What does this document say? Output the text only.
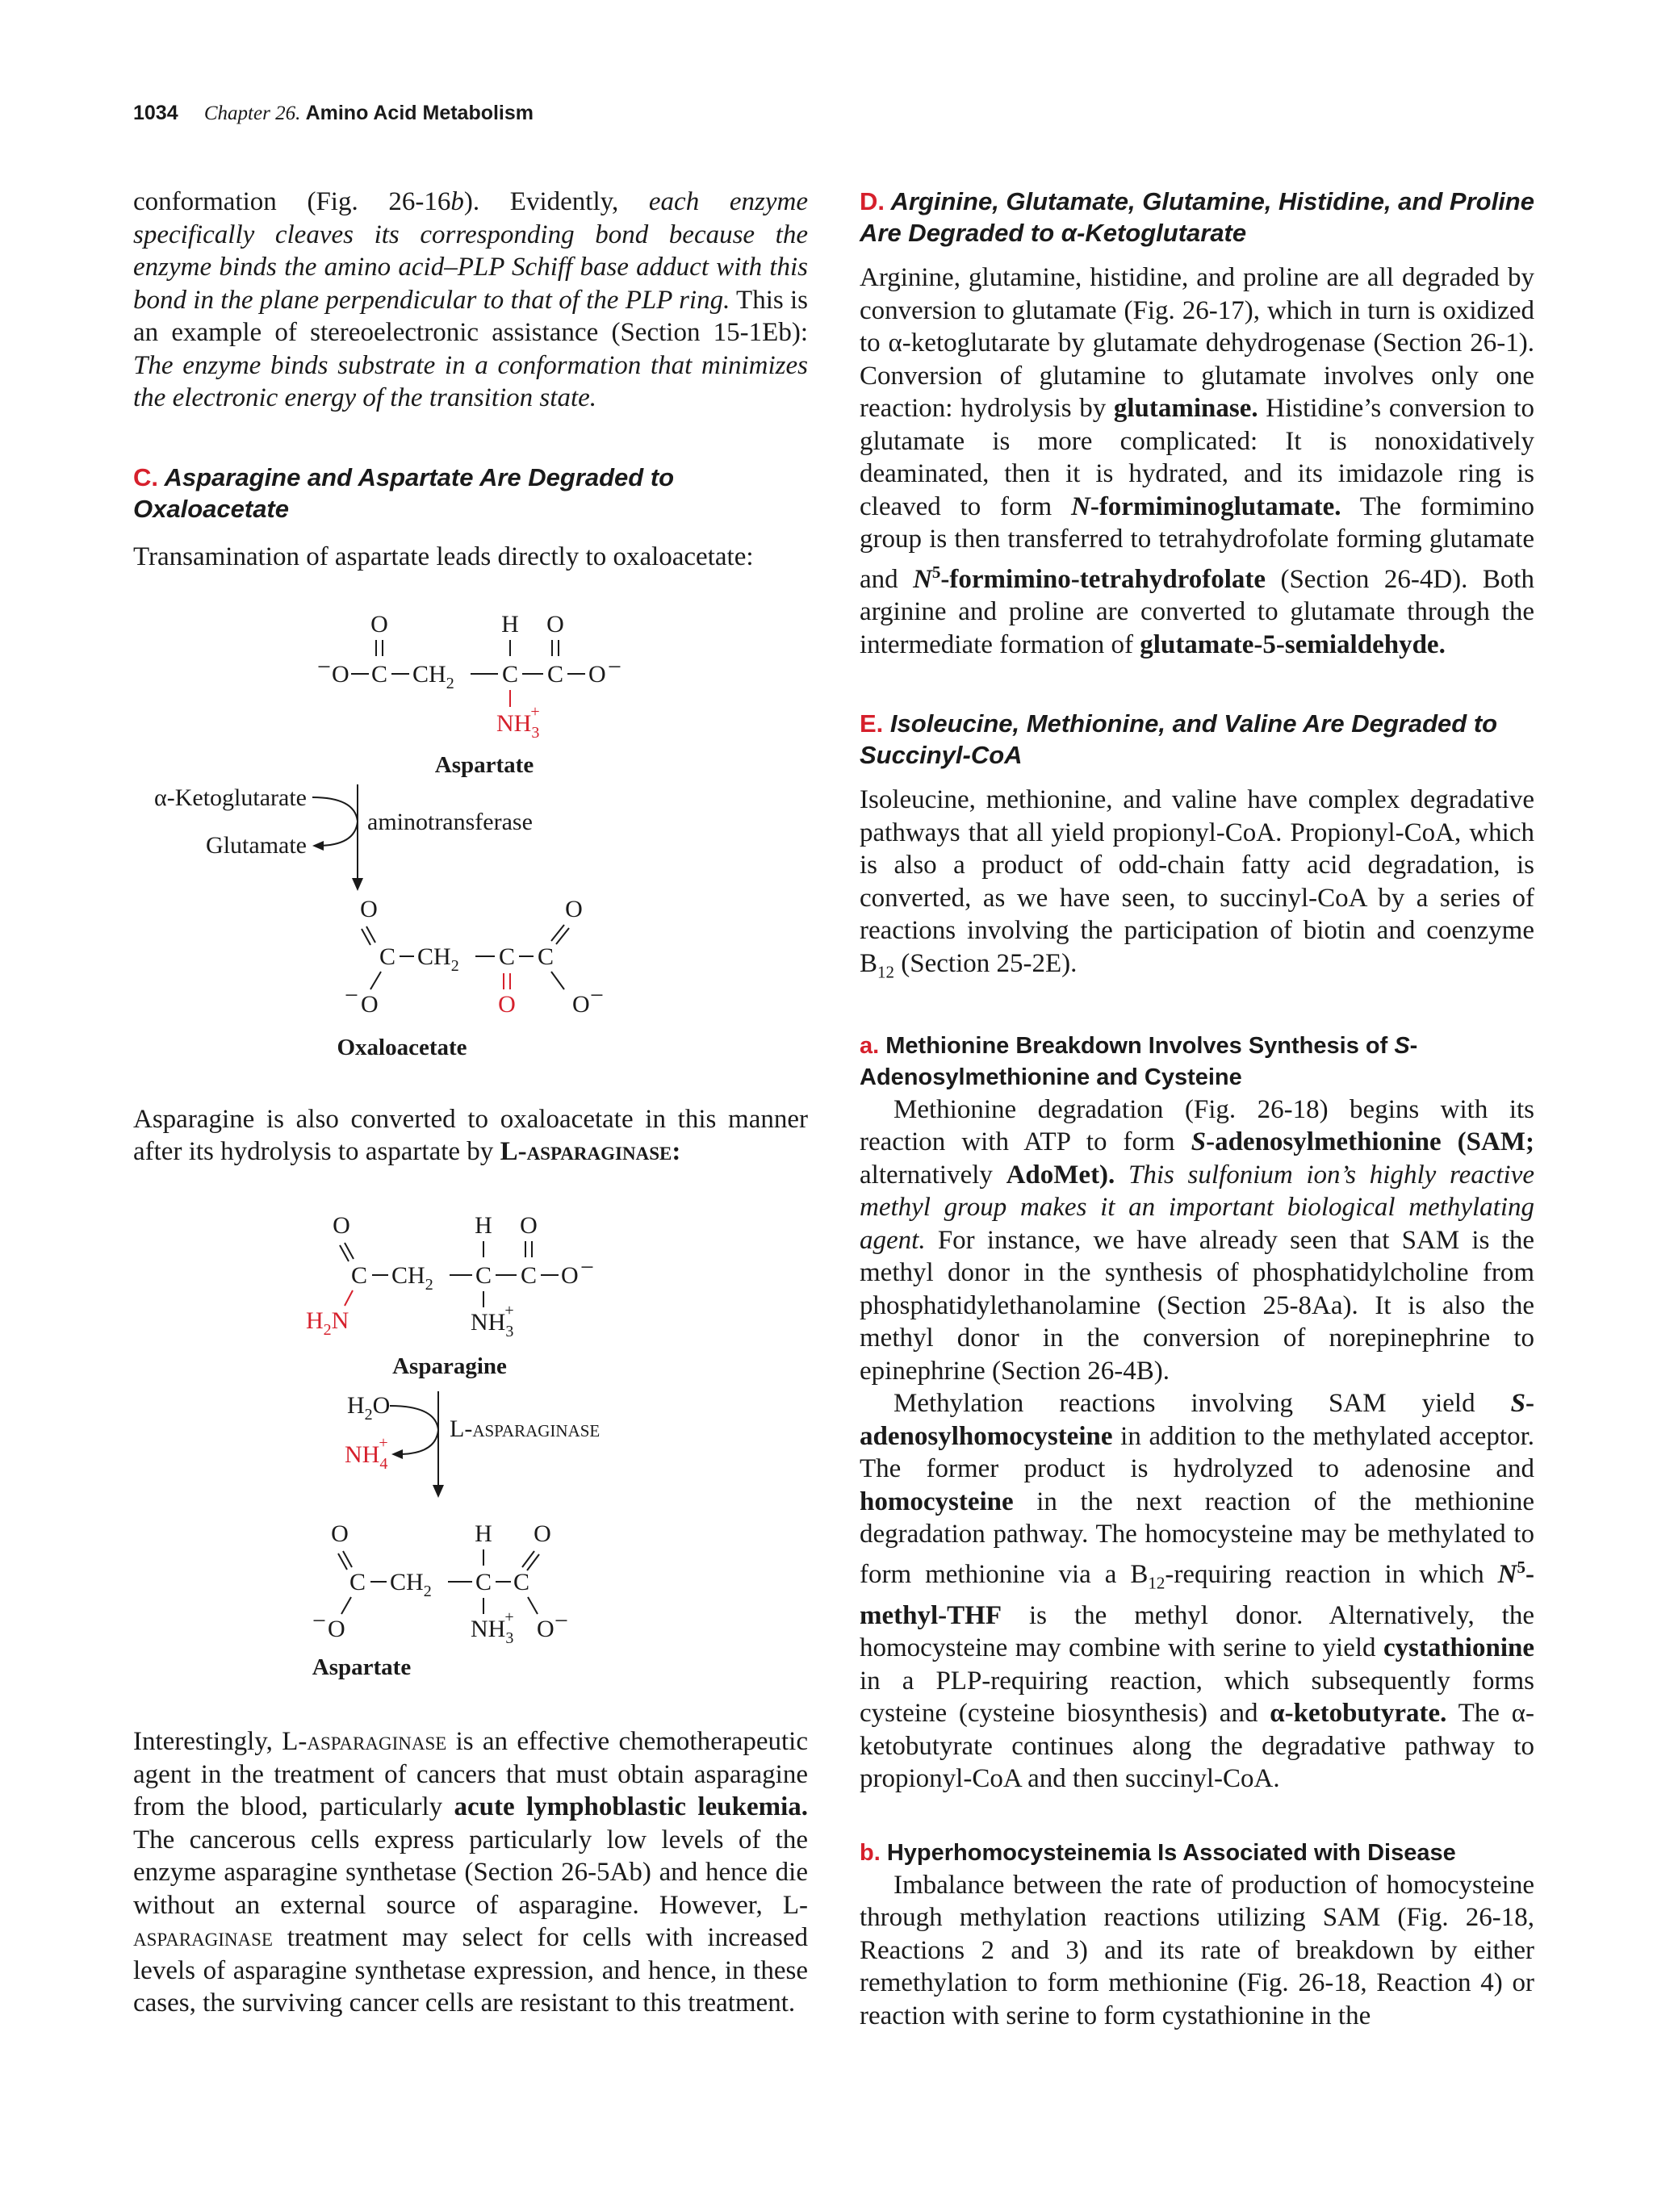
1034 Chapter 26. Amino Acid Metabolism

conformation (Fig. 26-16b). Evidently, each enzyme specifically cleaves its corresponding bond because the enzyme binds the amino acid–PLP Schiff base adduct with this bond in the plane perpendicular to that of the PLP ring. This is an example of stereoelectronic assistance (Section 15-1Eb): The enzyme binds substrate in a conformation that minimizes the electronic energy of the transition state.

C. Asparagine and Aspartate Are Degraded to Oxaloacetate

Transamination of aspartate leads directly to oxaloacetate:

O	H O
− O C $CH_2$ C C O −
$NH_3+$
Aspartate
α-Ketoglutarate
Glutamate
aminotransferase
O
C $CH_2$ C C
O
− O	O O −
Oxaloacetate

Asparagine is also converted to oxaloacetate in this manner after its hydrolysis to aspartate by L-asparaginase:

O	H O
C $CH_2$ C C O −
$H_2N$	$NH_3+$
Asparagine
$H_2O$
$NH_4+$
L-asparaginase
O	H O
C $CH_2$ C C
− O	$NH_3+ O$ −
Aspartate

Interestingly, L-asparaginase is an effective chemotherapeutic agent in the treatment of cancers that must obtain asparagine from the blood, particularly acute lymphoblastic leukemia. The cancerous cells express particularly low levels of the enzyme asparagine synthetase (Section 26-5Ab) and hence die without an external source of asparagine. However, L-asparaginase treatment may select for cells with increased levels of asparagine synthetase expression, and hence, in these cases, the surviving cancer cells are resistant to this treatment.

D. Arginine, Glutamate, Glutamine, Histidine, and Proline Are Degraded to α-Ketoglutarate

Arginine, glutamine, histidine, and proline are all degraded by conversion to glutamate (Fig. 26-17), which in turn is oxidized to α-ketoglutarate by glutamate dehydrogenase (Section 26-1). Conversion of glutamine to glutamate involves only one reaction: hydrolysis by glutaminase. Histidine’s conversion to glutamate is more complicated: It is nonoxidatively deaminated, then it is hydrated, and its imidazole ring is cleaved to form N-formiminoglutamate. The formimino group is then transferred to tetrahydrofolate forming glutamate and $N^5-formimino$-tetrahydrofolate (Section 26-4D). Both arginine and proline are converted to glutamate through the intermediate formation of glutamate-5-semialdehyde.

E. Isoleucine, Methionine, and Valine Are Degraded to Succinyl-CoA

Isoleucine, methionine, and valine have complex degradative pathways that all yield propionyl-CoA. Propionyl-CoA, which is also a product of odd-chain fatty acid degradation, is converted, as we have seen, to succinyl-CoA by a series of reactions involving the participation of biotin and coenzyme $B_{12}$ (Section 25-2E).

a. Methionine Breakdown Involves Synthesis of S-Adenosylmethionine and Cysteine

Methionine degradation (Fig. 26-18) begins with its reaction with ATP to form S-adenosylmethionine (SAM; alternatively AdoMet). This sulfonium ion’s highly reactive methyl group makes it an important biological methylating agent. For instance, we have already seen that SAM is the methyl donor in the synthesis of phosphatidylcholine from phosphatidylethanolamine (Section 25-8Aa). It is also the methyl donor in the conversion of norepinephrine to epinephrine (Section 26-4B).

Methylation reactions involving SAM yield S-adenosylhomocysteine in addition to the methylated acceptor. The former product is hydrolyzed to adenosine and homocysteine in the next reaction of the methionine degradation pathway. The homocysteine may be methylated to form methionine via a $B_{12}$-requiring reaction in which $N^5-methyl$-THF is the methyl donor. Alternatively, the homocysteine may combine with serine to yield cystathionine in a PLP-requiring reaction, which subsequently forms cysteine (cysteine biosynthesis) and α-ketobutyrate. The α-ketobutyrate continues along the degradative pathway to propionyl-CoA and then succinyl-CoA.

b. Hyperhomocysteinemia Is Associated with Disease

Imbalance between the rate of production of homocysteine through methylation reactions utilizing SAM (Fig. 26-18, Reactions 2 and 3) and its rate of breakdown by either remethylation to form methionine (Fig. 26-18, Reaction 4) or reaction with serine to form cystathionine in the
